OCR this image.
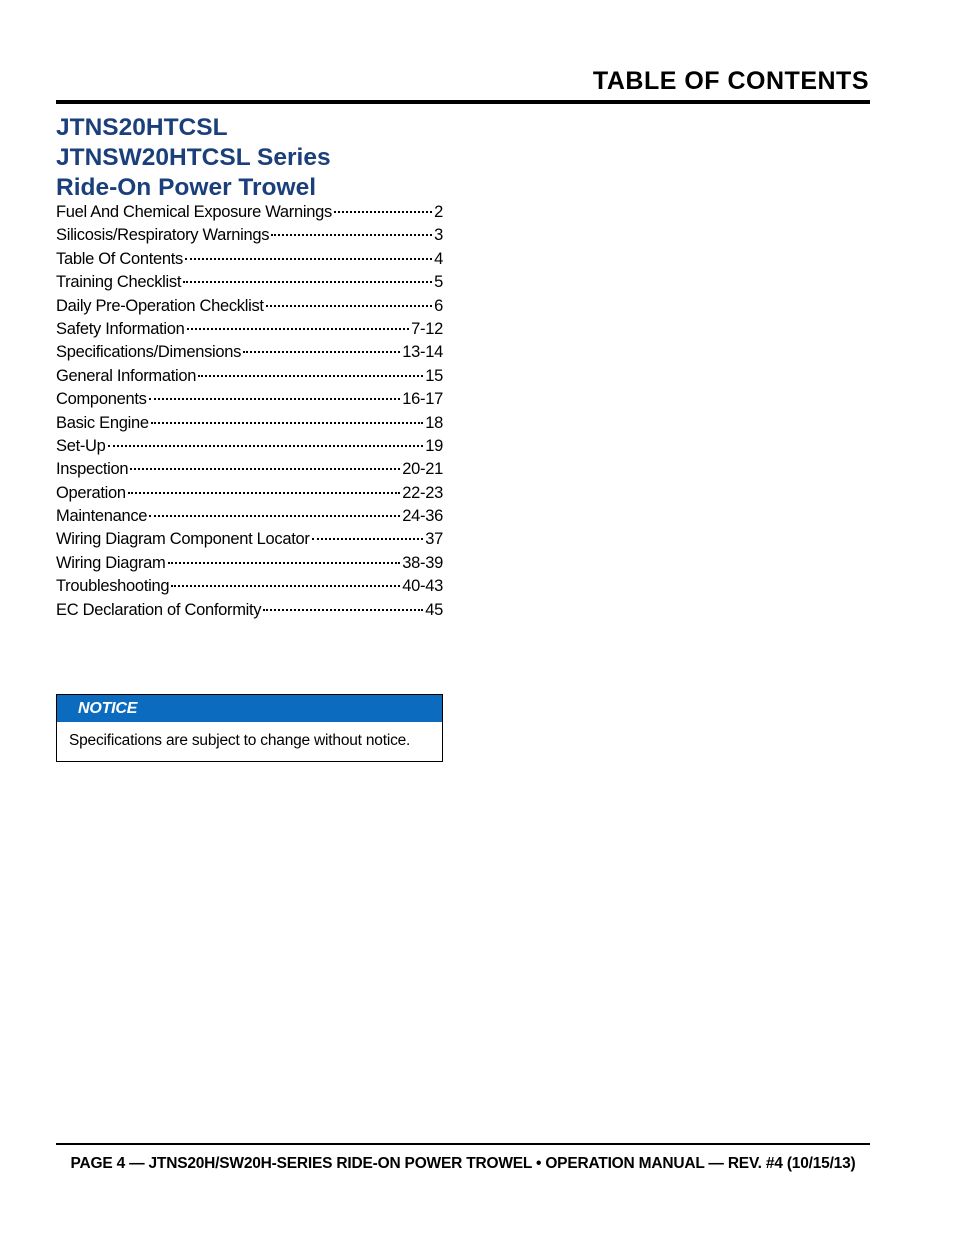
TABLE OF CONTENTS
JTNS20HTCSL
JTNSW20HTCSL Series
Ride-On Power Trowel
Fuel And Chemical Exposure Warnings	2
Silicosis/Respiratory Warnings	3
Table Of Contents	4
Training Checklist	5
Daily Pre-Operation Checklist	6
Safety Information	7-12
Specifications/Dimensions	13-14
General Information	15
Components	16-17
Basic Engine	18
Set-Up	19
Inspection	20-21
Operation	22-23
Maintenance	24-36
Wiring Diagram Component Locator	37
Wiring Diagram	38-39
Troubleshooting	40-43
EC Declaration of Conformity	45
NOTICE
Specifications are subject to change without notice.
PAGE 4 — JTNS20H/SW20H-SERIES RIDE-ON POWER TROWEL • OPERATION MANUAL — REV. #4 (10/15/13)
